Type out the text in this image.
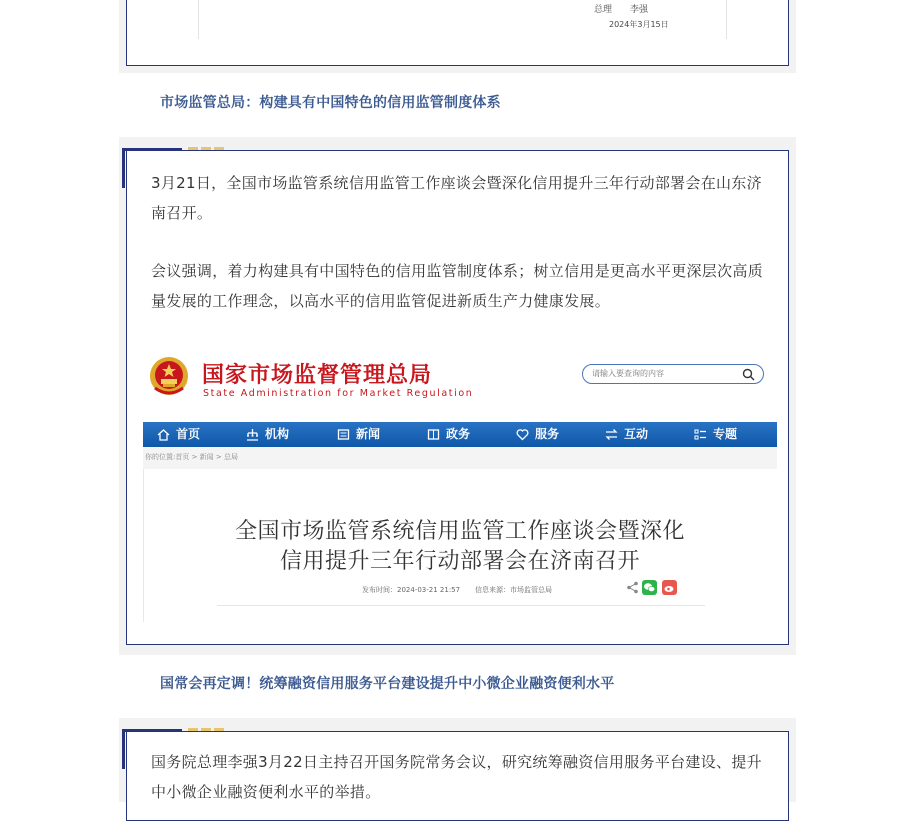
总理　　李强
2024年3月15日
市场监管总局：构建具有中国特色的信用监管制度体系

3月21日，全国市场监管系统信用监管工作座谈会暨深化信用提升三年行动部署会在山东济南召开。

会议强调，着力构建具有中国特色的信用监管制度体系；树立信用是更高水平更深层次高质量发展的工作理念，以高水平的信用监管促进新质生产力健康发展。

国家市场监督管理总局
State Administration for Market Regulation
请输入要查询的内容
首页	机构	新闻	政务	服务	互动	专题
你的位置:首页 > 新闻 > 总局
全国市场监管系统信用监管工作座谈会暨深化
信用提升三年行动部署会在济南召开
发布时间：2024-03-21 21:57 信息来源：市场监管总局
国常会再定调！统筹融资信用服务平台建设提升中小微企业融资便利水平

国务院总理李强3月22日主持召开国务院常务会议，研究统筹融资信用服务平台建设、提升中小微企业融资便利水平的举措。
